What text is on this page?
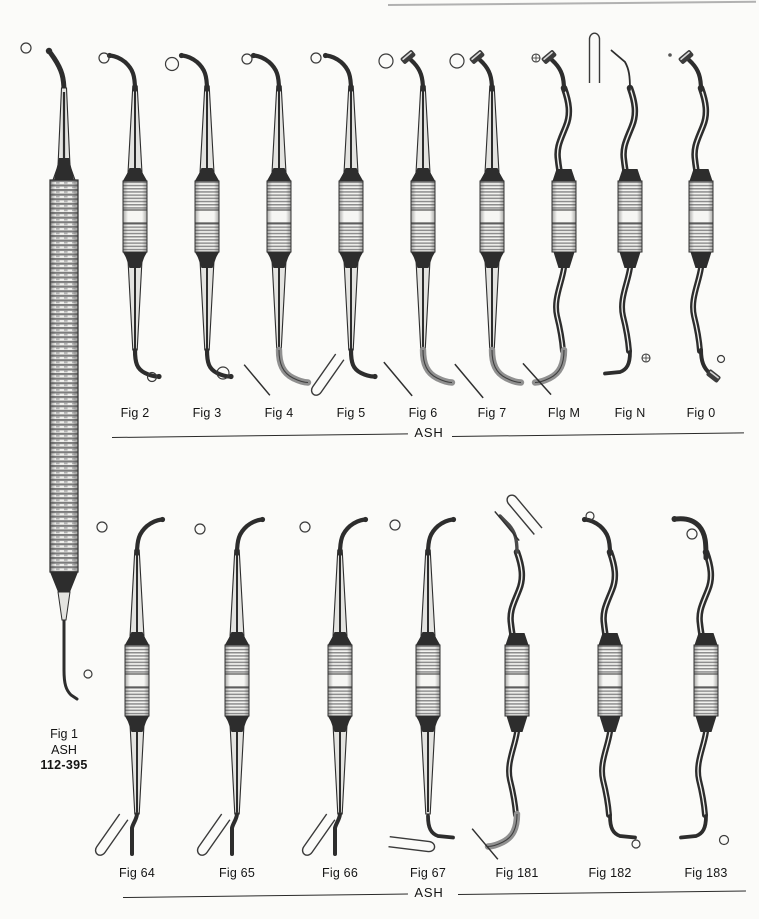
Fig 1
ASH
112-395
Fig 2	Fig 3	Fig 4	Fig 5	Fig 6	Fig 7	Flg M	Fig N	Fig 0
Fig 64	Fig 65	Fig 66	Fig 67	Fig 181	Fig 182	Fig 183
ASH
ASH
